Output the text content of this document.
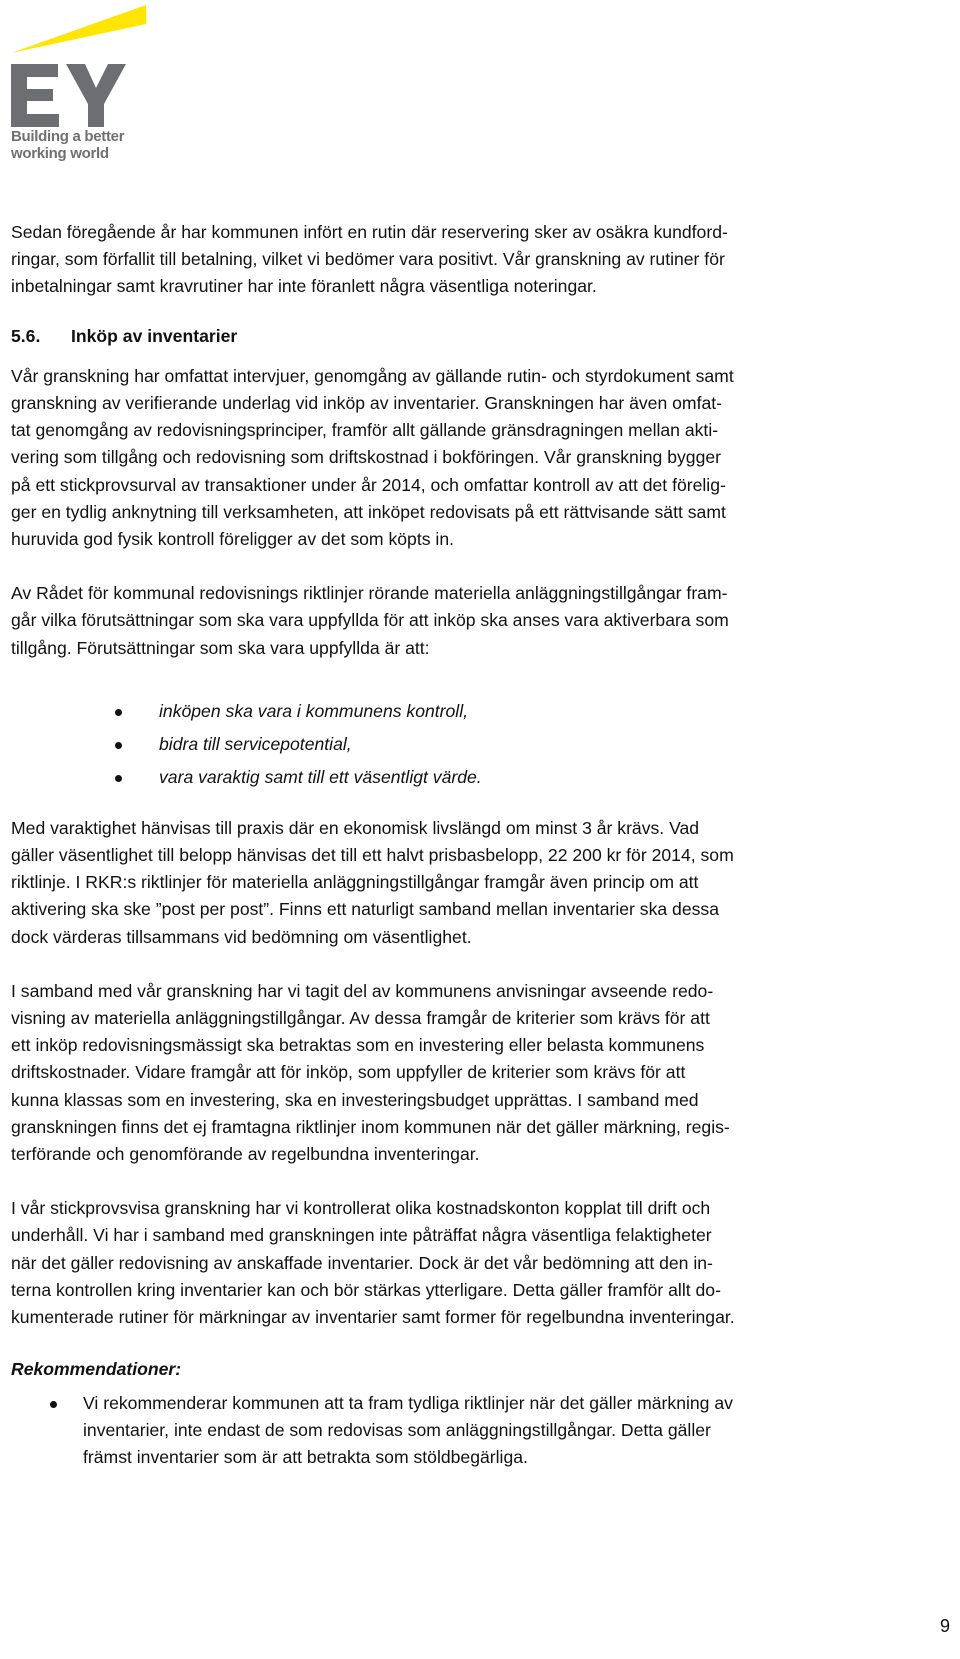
Building a better
working world

Sedan föregående år har kommunen infört en rutin där reservering sker av osäkra kundford-
ringar, som förfallit till betalning, vilket vi bedömer vara positivt. Vår granskning av rutiner för
inbetalningar samt kravrutiner har inte föranlett några väsentliga noteringar.

5.6. Inköp av inventarier

Vår granskning har omfattat intervjuer, genomgång av gällande rutin- och styrdokument samt
granskning av verifierande underlag vid inköp av inventarier. Granskningen har även omfat-
tat genomgång av redovisningsprinciper, framför allt gällande gränsdragningen mellan akti-
vering som tillgång och redovisning som driftskostnad i bokföringen. Vår granskning bygger
på ett stickprovsurval av transaktioner under år 2014, och omfattar kontroll av att det förelig-
ger en tydlig anknytning till verksamheten, att inköpet redovisats på ett rättvisande sätt samt
huruvida god fysik kontroll föreligger av det som köpts in.

Av Rådet för kommunal redovisnings riktlinjer rörande materiella anläggningstillgångar fram-
går vilka förutsättningar som ska vara uppfyllda för att inköp ska anses vara aktiverbara som
tillgång. Förutsättningar som ska vara uppfyllda är att:

inköpen ska vara i kommunens kontroll,
bidra till servicepotential,
vara varaktig samt till ett väsentligt värde.

Med varaktighet hänvisas till praxis där en ekonomisk livslängd om minst 3 år krävs. Vad
gäller väsentlighet till belopp hänvisas det till ett halvt prisbasbelopp, 22 200 kr för 2014, som
riktlinje. I RKR:s riktlinjer för materiella anläggningstillgångar framgår även princip om att
aktivering ska ske ”post per post”. Finns ett naturligt samband mellan inventarier ska dessa
dock värderas tillsammans vid bedömning om väsentlighet.

I samband med vår granskning har vi tagit del av kommunens anvisningar avseende redo-
visning av materiella anläggningstillgångar. Av dessa framgår de kriterier som krävs för att
ett inköp redovisningsmässigt ska betraktas som en investering eller belasta kommunens
driftskostnader. Vidare framgår att för inköp, som uppfyller de kriterier som krävs för att
kunna klassas som en investering, ska en investeringsbudget upprättas. I samband med
granskningen finns det ej framtagna riktlinjer inom kommunen när det gäller märkning, regis-
terförande och genomförande av regelbundna inventeringar.

I vår stickprovsvisa granskning har vi kontrollerat olika kostnadskonton kopplat till drift och
underhåll. Vi har i samband med granskningen inte påträffat några väsentliga felaktigheter
när det gäller redovisning av anskaffade inventarier. Dock är det vår bedömning att den in-
terna kontrollen kring inventarier kan och bör stärkas ytterligare. Detta gäller framför allt do-
kumenterade rutiner för märkningar av inventarier samt former för regelbundna inventeringar.

Rekommendationer:
Vi rekommenderar kommunen att ta fram tydliga riktlinjer när det gäller märkning av
inventarier, inte endast de som redovisas som anläggningstillgångar. Detta gäller
främst inventarier som är att betrakta som stöldbegärliga.
9
